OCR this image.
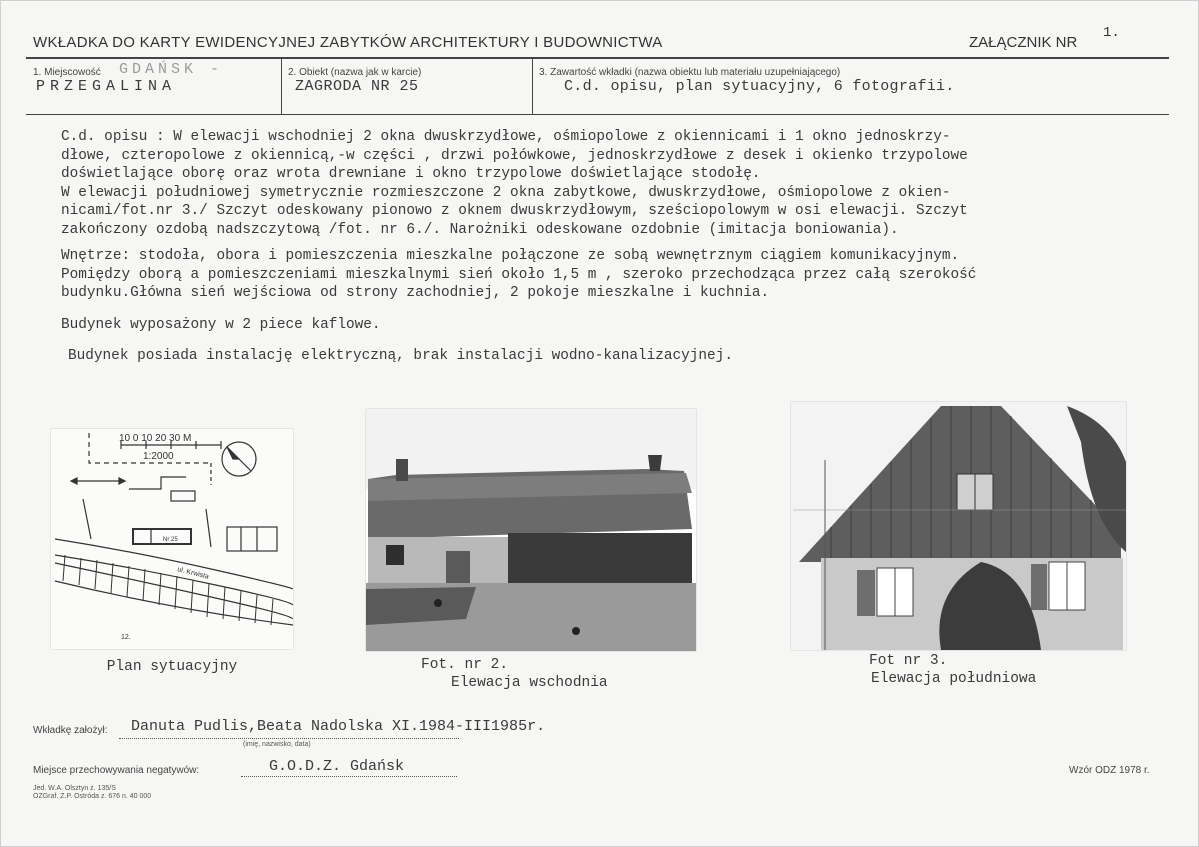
WKŁADKA DO KARTY EWIDENCYJNEJ ZABYTKÓW ARCHITEKTURY I BUDOWNICTWA	ZAŁĄCZNIK NR
1.
1. Miejscowość GDAŃSK -
PRZEGALINA
2. Obiekt (nazwa jak w karcie)
ZAGRODA NR 25
3. Zawartość wkładki (nazwa obiektu lub materiału uzupełniającego)
C.d. opisu, plan sytuacyjny, 6 fotografii.
C.d. opisu : W elewacji wschodniej 2 okna dwuskrzydłowe, ośmiopolowe z okiennicami i 1 okno jednoskrzy-
dłowe, czteropolowe z okiennicą,-w części , drzwi połówkowe, jednoskrzydłowe z desek i okienko trzypolowe
doświetlające oborę oraz wrota drewniane i okno trzypolowe doświetlające stodołę.
W elewacji południowej symetrycznie rozmieszczone 2 okna zabytkowe, dwuskrzydłowe, ośmiopolowe z okien-
nicami/fot.nr 3./ Szczyt odeskowany pionowo z oknem dwuskrzydłowym, sześciopolowym w osi elewacji. Szczyt
zakończony ozdobą nadszczytową /fot. nr 6./. Narożniki odeskowane ozdobnie (imitacja boniowania).
Wnętrze: stodoła, obora i pomieszczenia mieszkalne połączone ze sobą wewnętrznym ciągiem komunikacyjnym.
Pomiędzy oborą a pomieszczeniami mieszkalnymi sień około 1,5 m , szeroko przechodząca przez całą szerokość
budynku.Główna sień wejściowa od strony zachodniej, 2 pokoje mieszkalne i kuchnia.
Budynek wyposażony w 2 piece kaflowe.
Budynek posiada instalację elektryczną, brak instalacji wodno-kanalizacyjnej.
10 0 10 20 30 M
1:2000
Nr 25
ul. Krwista
12.
Plan sytuacyjny	Fot. nr 2.
Elewacja wschodnia
Fot nr 3.
Elewacja południowa
Wkładkę założył: Danuta Pudlis,Beata Nadolska XI.1984-III1985r.
(imię, nazwisko, data)
Miejsce przechowywania negatywów:	G.O.D.Z. Gdańsk
Jed. W.A. Olsztyn z. 135/S
OZGraf. Z.P. Ostróda z. 676 n. 40 000
Wzór ODZ 1978 r.
